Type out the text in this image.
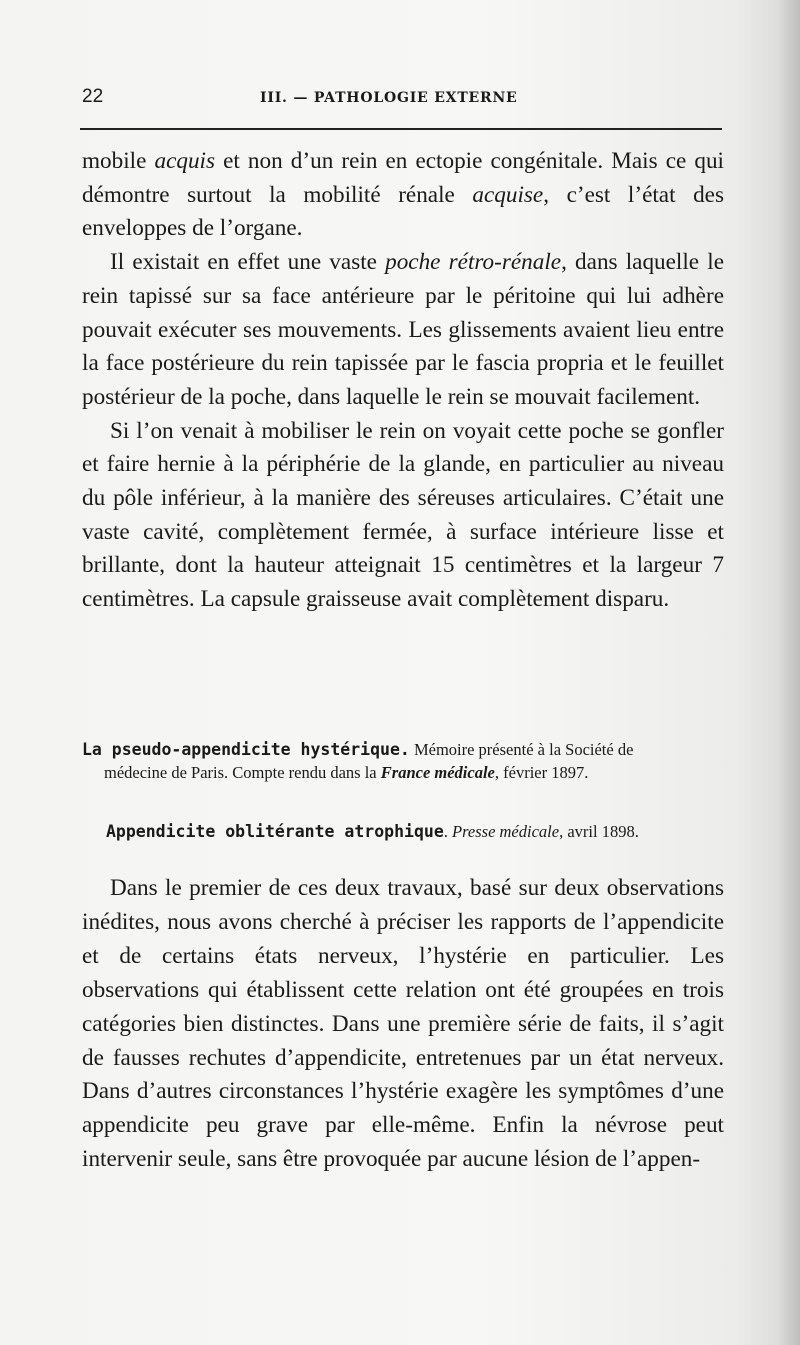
22	III. — PATHOLOGIE EXTERNE

mobile acquis et non d’un rein en ectopie congénitale. Mais ce qui démontre surtout la mobilité rénale acquise, c’est l’état des enveloppes de l’organe.

Il existait en effet une vaste poche rétro-rénale, dans laquelle le rein tapissé sur sa face antérieure par le péritoine qui lui adhère pouvait exécuter ses mouvements. Les glissements avaient lieu entre la face postérieure du rein tapissée par le fascia propria et le feuillet postérieur de la poche, dans laquelle le rein se mouvait facilement.

Si l’on venait à mobiliser le rein on voyait cette poche se gonfler et faire hernie à la périphérie de la glande, en particulier au niveau du pôle inférieur, à la manière des séreuses articulaires. C’était une vaste cavité, complètement fermée, à surface intérieure lisse et brillante, dont la hauteur atteignait 15 centimètres et la largeur 7 centimètres. La capsule graisseuse avait complètement disparu.

La pseudo-appendicite hystérique. Mémoire présenté à la Société de
médecine de Paris. Compte rendu dans la France médicale, février 1897.
Appendicite oblitérante atrophique. Presse médicale, avril 1898.

Dans le premier de ces deux travaux, basé sur deux observations inédites, nous avons cherché à préciser les rapports de l’appendicite et de certains états nerveux, l’hystérie en particulier. Les observations qui établissent cette relation ont été groupées en trois catégories bien distinctes. Dans une première série de faits, il s’agit de fausses rechutes d’appendicite, entretenues par un état nerveux. Dans d’autres circonstances l’hystérie exagère les symptômes d’une appendicite peu grave par elle-même. Enfin la névrose peut intervenir seule, sans être provoquée par aucune lésion de l’appen-
